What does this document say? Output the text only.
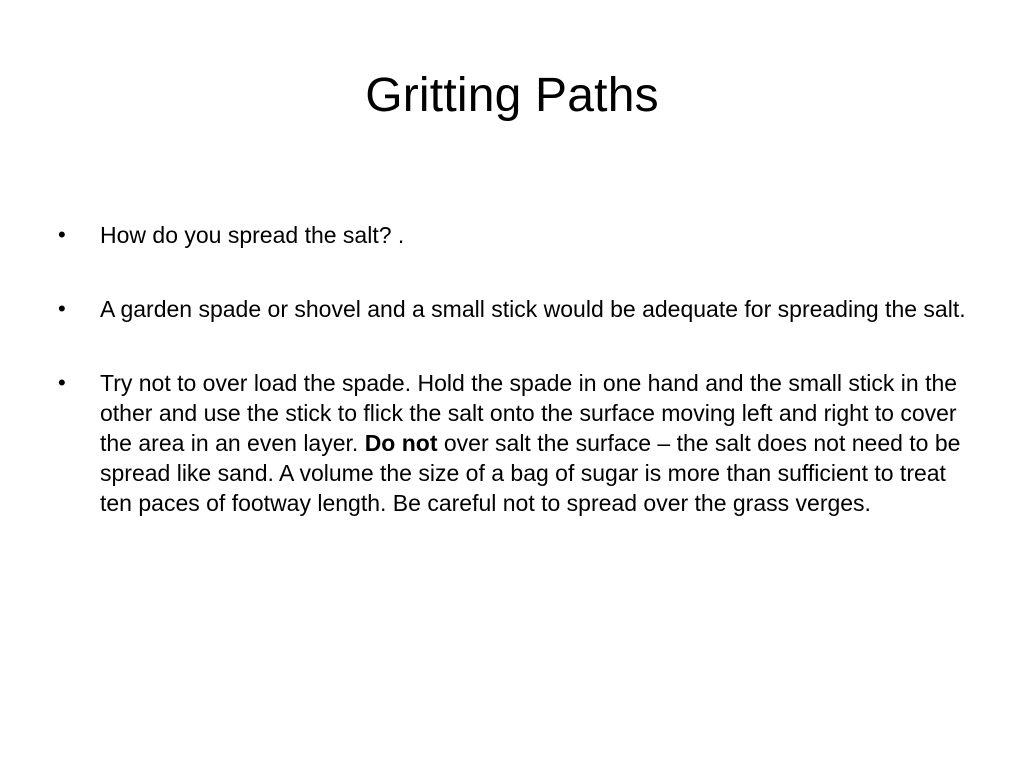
Gritting Paths
•	How do you spread the salt? .
•	A garden spade or shovel and a small stick would be adequate for spreading the salt.
•	Try not to over load the spade. Hold the spade in one hand and the small stick in the other and use the stick to flick the salt onto the surface moving left and right to cover the area in an even layer. Do not over salt the surface – the salt does not need to be spread like sand. A volume the size of a bag of sugar is more than sufficient to treat ten paces of footway length. Be careful not to spread over the grass verges.
